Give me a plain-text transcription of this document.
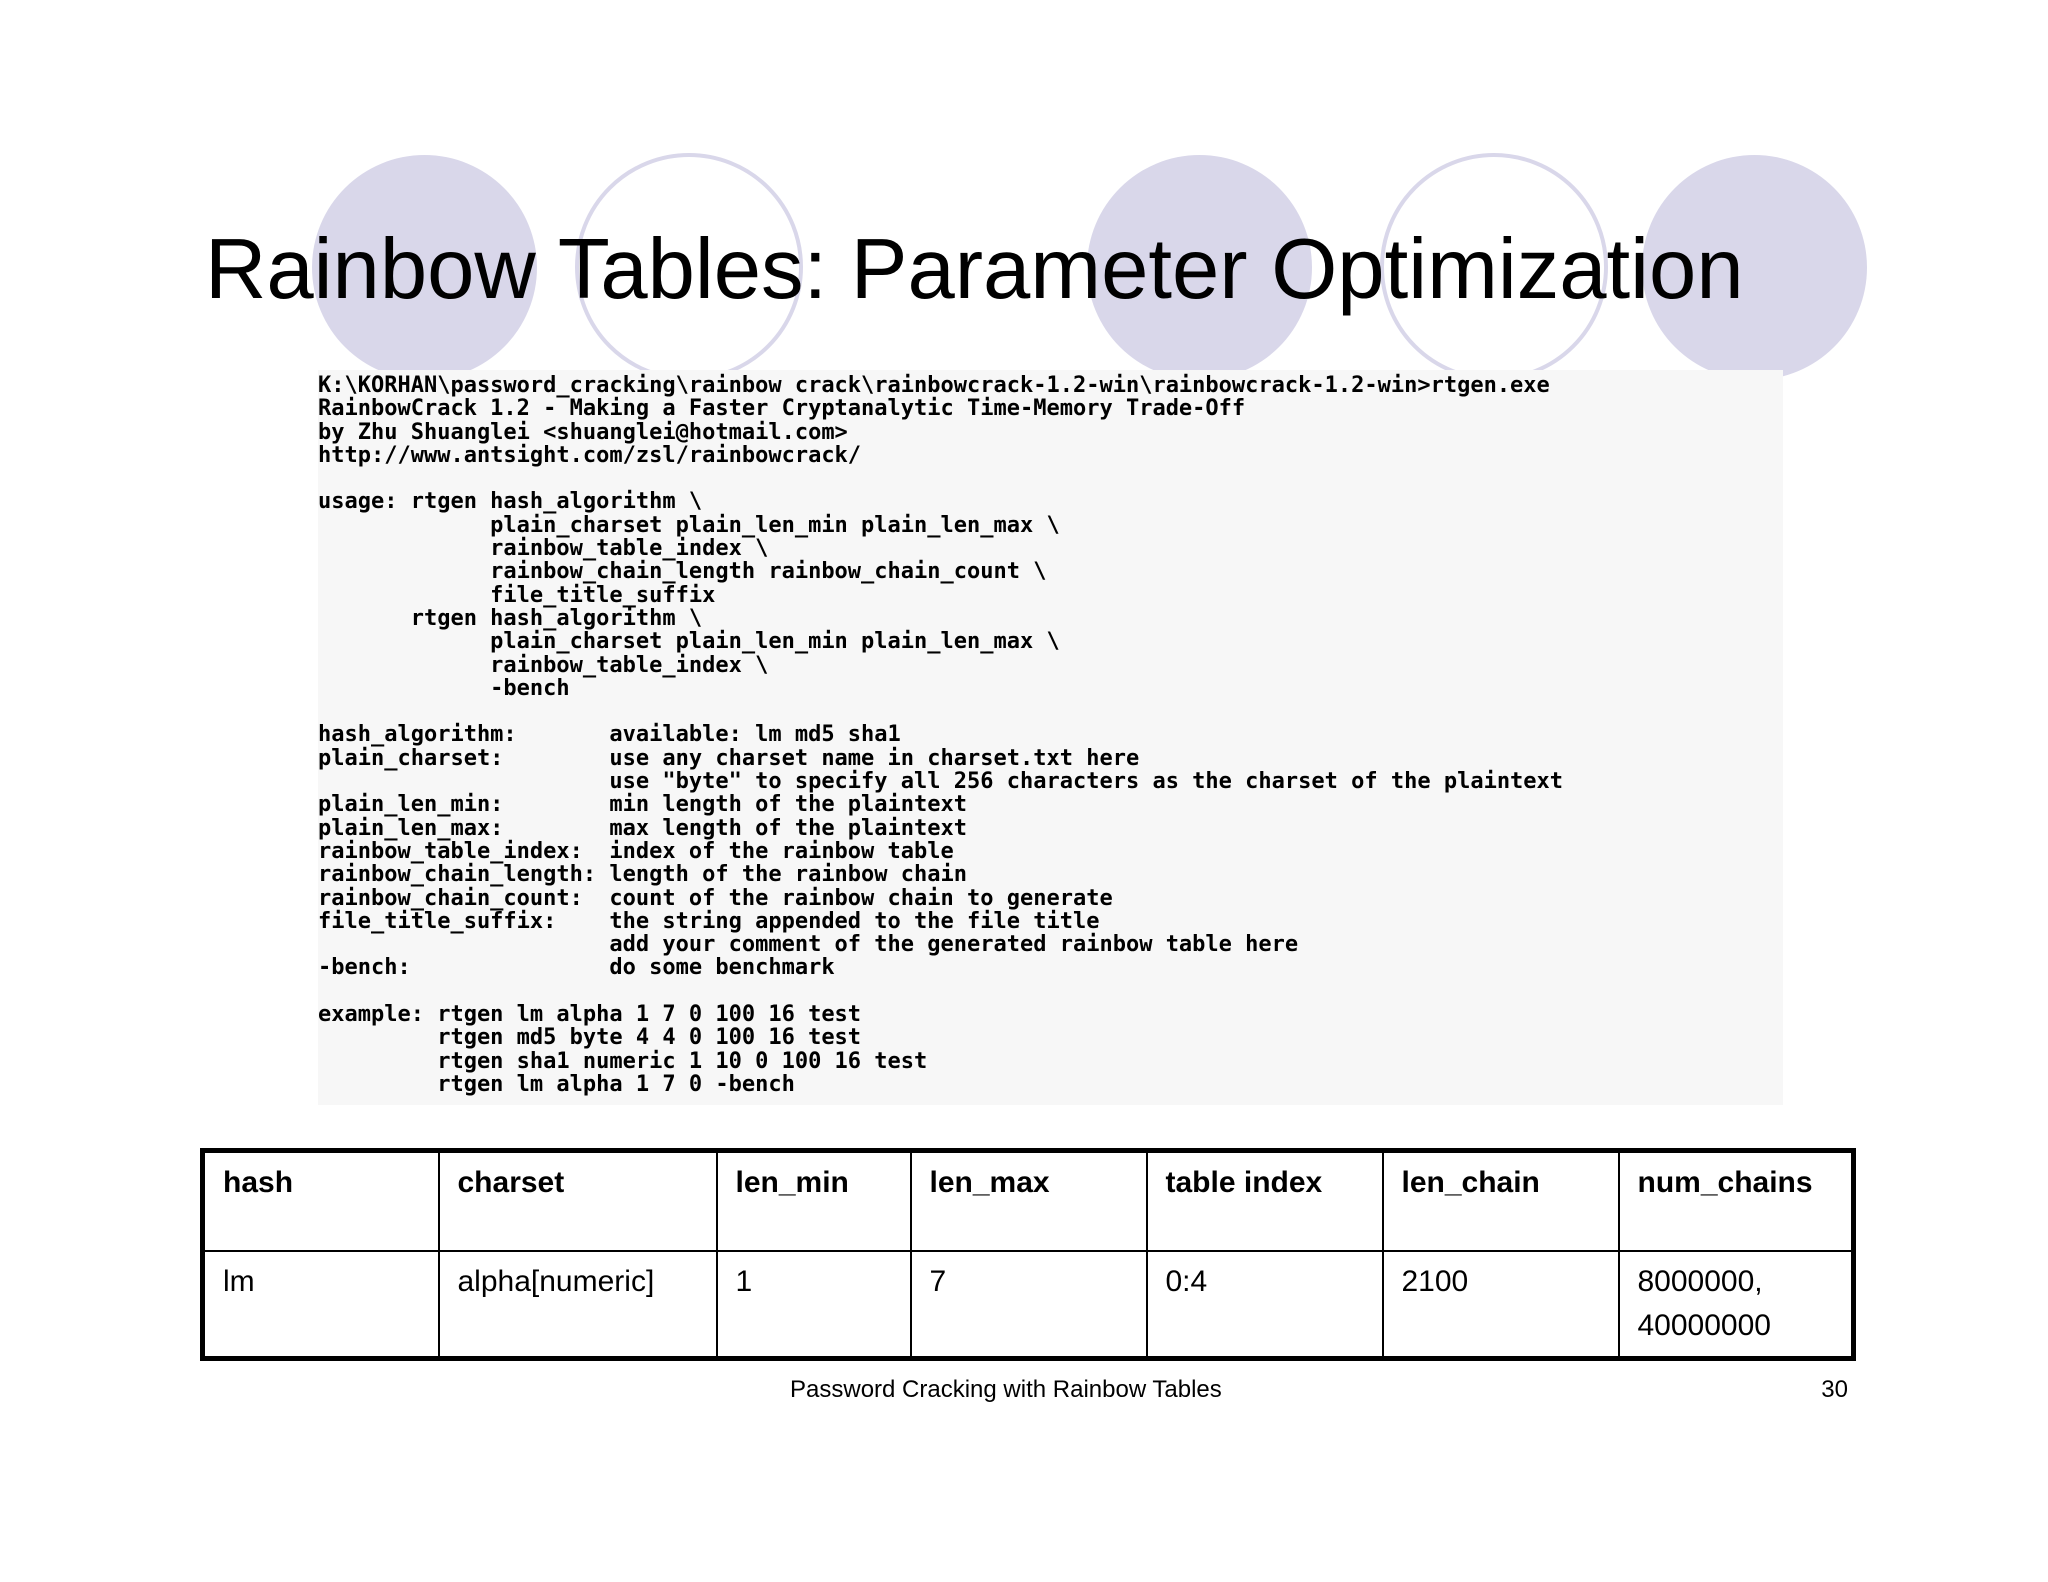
Rainbow Tables: Parameter Optimization
K:\KORHAN\password_cracking\rainbow crack\rainbowcrack-1.2-win\rainbowcrack-1.2-win>rtgen.exe
RainbowCrack 1.2 - Making a Faster Cryptanalytic Time-Memory Trade-Off
by Zhu Shuanglei <shuanglei@hotmail.com>
http://www.antsight.com/zsl/rainbowcrack/
usage: rtgen hash_algorithm \
plain_charset plain_len_min plain_len_max \
rainbow_table_index \
rainbow_chain_length rainbow_chain_count \
file_title_suffix
rtgen hash_algorithm \
plain_charset plain_len_min plain_len_max \
rainbow_table_index \
-bench
hash_algorithm:       available: lm md5 sha1
plain_charset:        use any charset name in charset.txt here
use "byte" to specify all 256 characters as the charset of the plaintext
plain_len_min:        min length of the plaintext
plain_len_max:        max length of the plaintext
rainbow_table_index:  index of the rainbow table
rainbow_chain_length: length of the rainbow chain
rainbow_chain_count:  count of the rainbow chain to generate
file_title_suffix:    the string appended to the file title
add your comment of the generated rainbow table here
-bench:               do some benchmark
example: rtgen lm alpha 1 7 0 100 16 test
rtgen md5 byte 4 4 0 100 16 test
rtgen sha1 numeric 1 10 0 100 16 test
rtgen lm alpha 1 7 0 -bench
hash	charset	len_min	len_max	table index	len_chain	num_chains
lm	alpha[numeric]	1	7	0:4	2100	8000000, 40000000
Password Cracking with Rainbow Tables	30
